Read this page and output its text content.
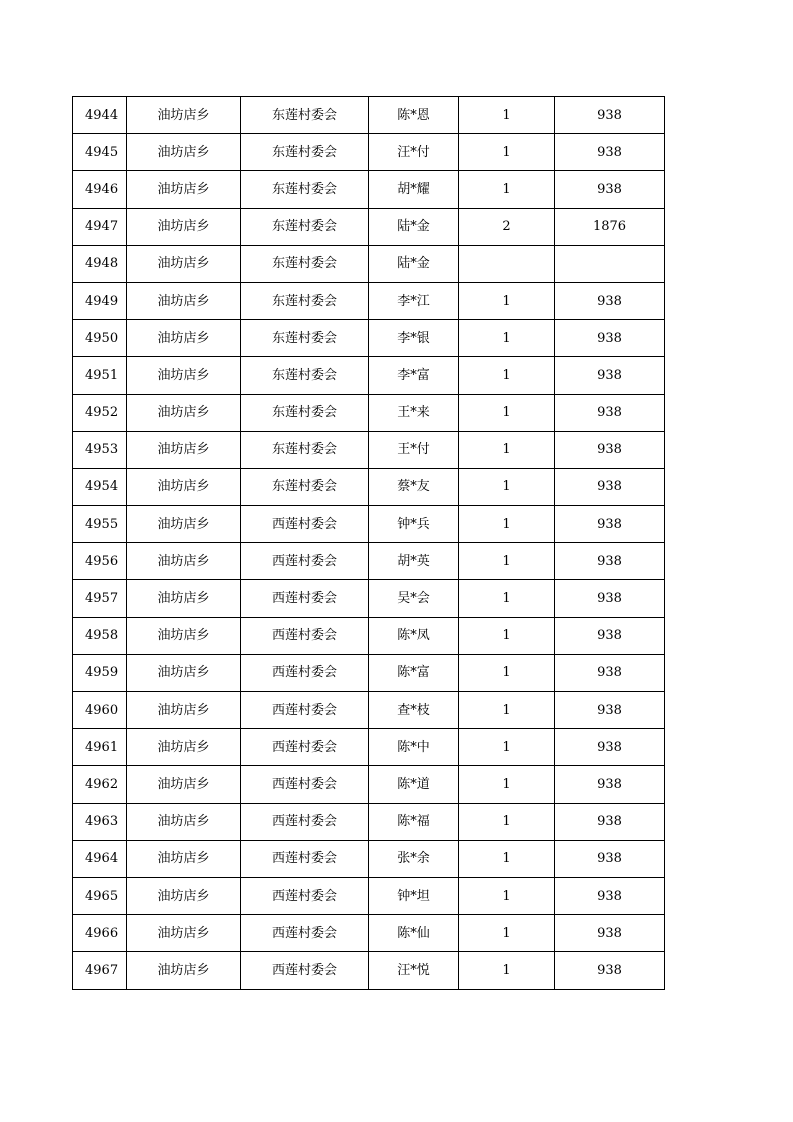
4944	油坊店乡	东莲村委会	陈*恩	1	938
4945	油坊店乡	东莲村委会	汪*付	1	938
4946	油坊店乡	东莲村委会	胡*耀	1	938
4947	油坊店乡	东莲村委会	陆*金	2	1876
4948	油坊店乡	东莲村委会	陆*金		
4949	油坊店乡	东莲村委会	李*江	1	938
4950	油坊店乡	东莲村委会	李*银	1	938
4951	油坊店乡	东莲村委会	李*富	1	938
4952	油坊店乡	东莲村委会	王*来	1	938
4953	油坊店乡	东莲村委会	王*付	1	938
4954	油坊店乡	东莲村委会	蔡*友	1	938
4955	油坊店乡	西莲村委会	钟*兵	1	938
4956	油坊店乡	西莲村委会	胡*英	1	938
4957	油坊店乡	西莲村委会	吴*会	1	938
4958	油坊店乡	西莲村委会	陈*凤	1	938
4959	油坊店乡	西莲村委会	陈*富	1	938
4960	油坊店乡	西莲村委会	查*枝	1	938
4961	油坊店乡	西莲村委会	陈*中	1	938
4962	油坊店乡	西莲村委会	陈*道	1	938
4963	油坊店乡	西莲村委会	陈*福	1	938
4964	油坊店乡	西莲村委会	张*余	1	938
4965	油坊店乡	西莲村委会	钟*坦	1	938
4966	油坊店乡	西莲村委会	陈*仙	1	938
4967	油坊店乡	西莲村委会	汪*悦	1	938
